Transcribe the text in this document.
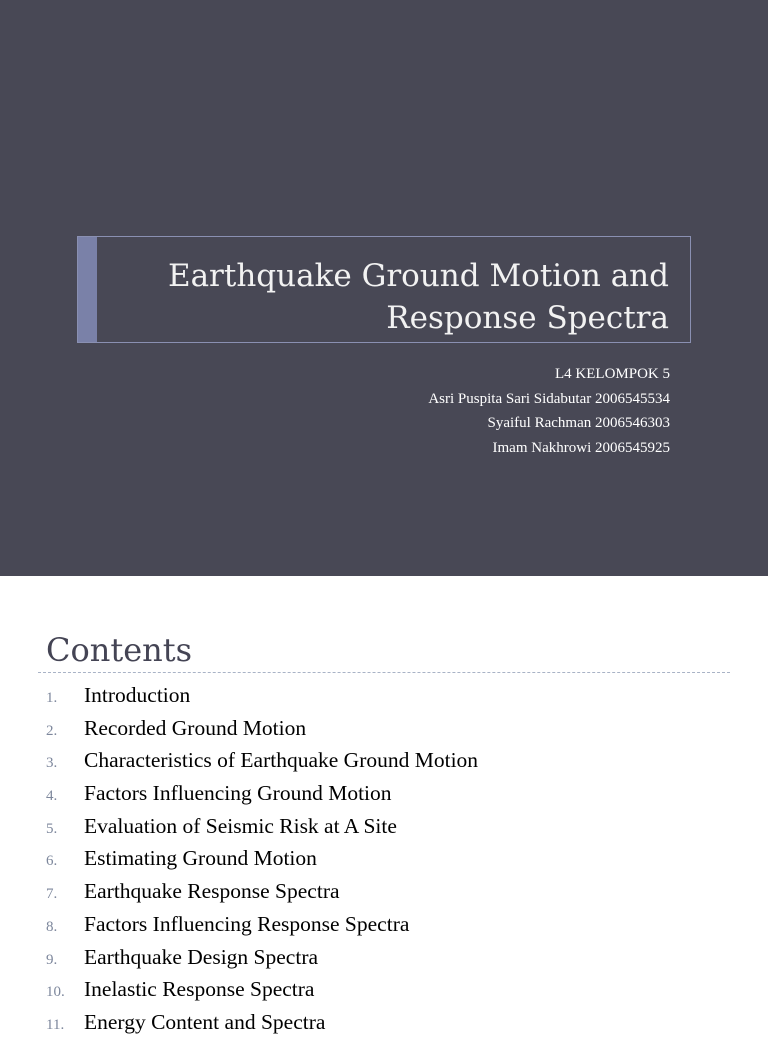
Earthquake Ground Motion and
Response Spectra
L4 KELOMPOK 5
Asri Puspita Sari Sidabutar 2006545534
Syaiful Rachman 2006546303
Imam Nakhrowi 2006545925
Contents
1. Introduction
2. Recorded Ground Motion
3. Characteristics of Earthquake Ground Motion
4. Factors Influencing Ground Motion
5. Evaluation of Seismic Risk at A Site
6. Estimating Ground Motion
7. Earthquake Response Spectra
8. Factors Influencing Response Spectra
9. Earthquake Design Spectra
10. Inelastic Response Spectra
11. Energy Content and Spectra
